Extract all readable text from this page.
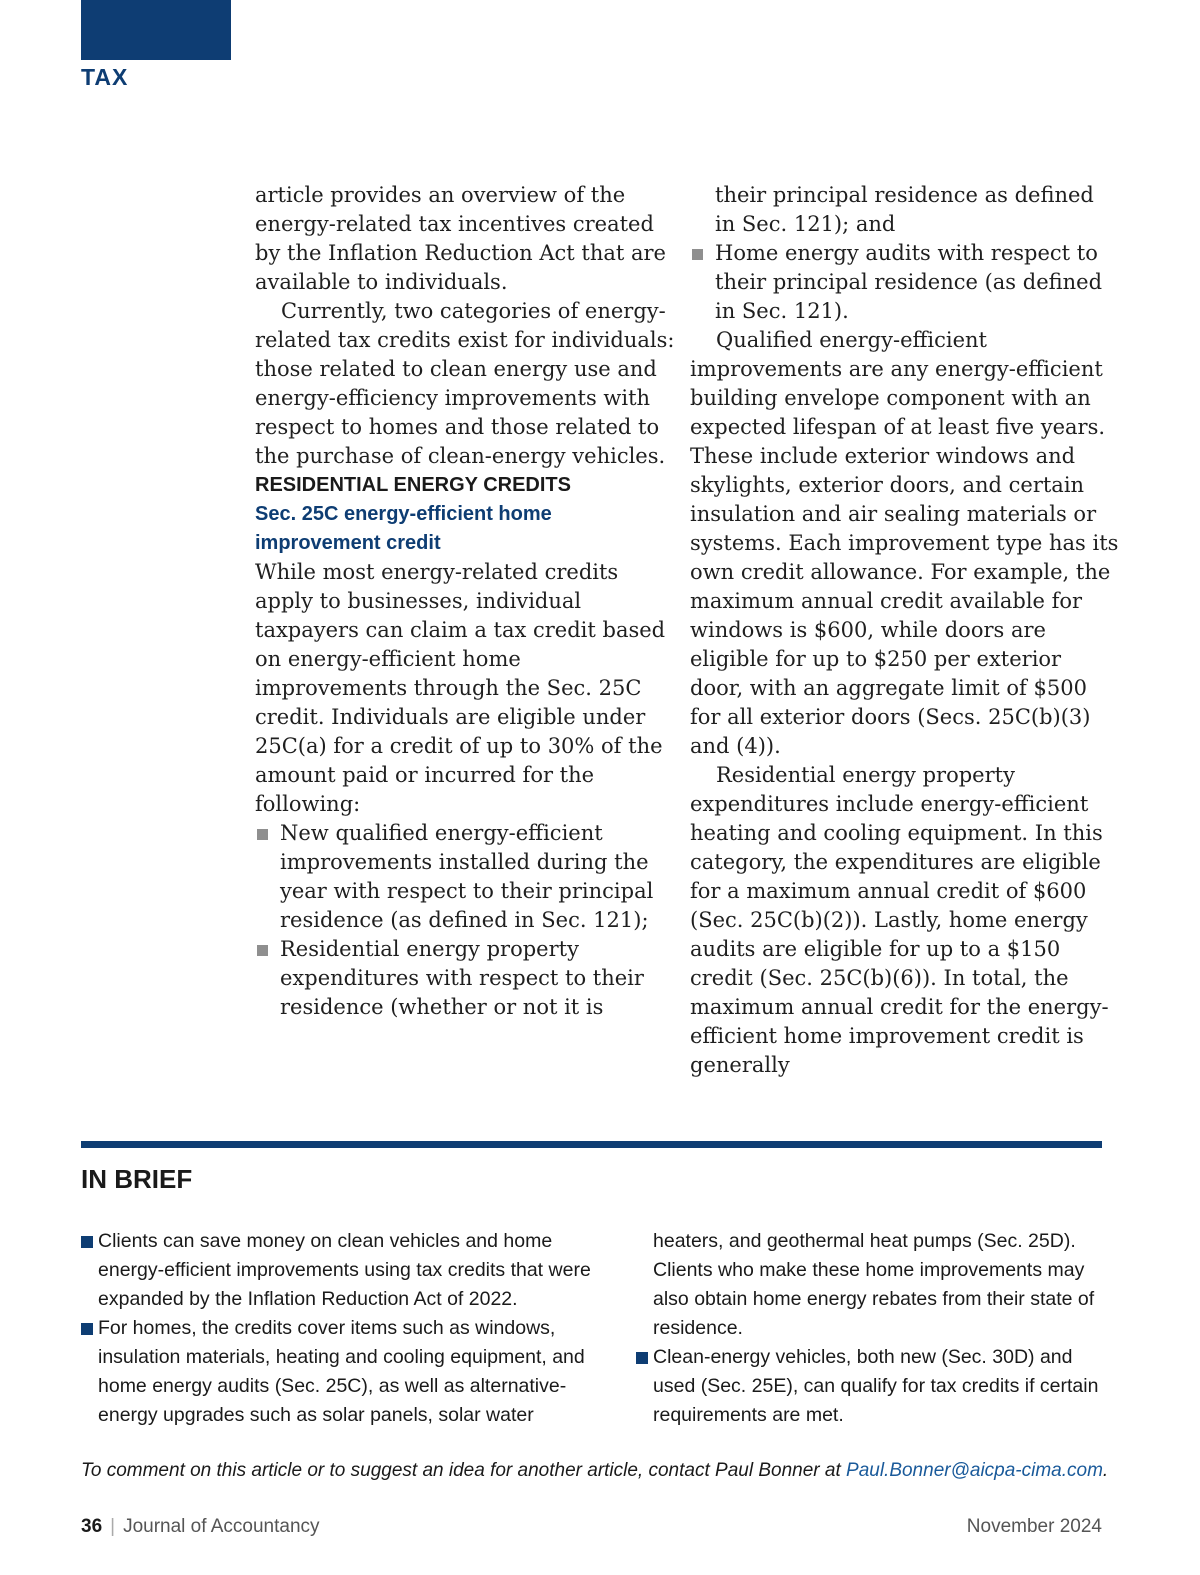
TAX

article provides an overview of the energy-related tax incentives created by the Inflation Reduction Act that are available to individuals.

Currently, two categories of energy-related tax credits exist for individuals: those related to clean energy use and energy-efficiency improvements with respect to homes and those related to the purchase of clean-energy vehicles.

RESIDENTIAL ENERGY CREDITS

Sec. 25C energy-efficient home improvement credit

While most energy-related credits apply to businesses, individual taxpayers can claim a tax credit based on energy-efficient home improvements through the Sec. 25C credit. Individuals are eligible under 25C(a) for a credit of up to 30% of the amount paid or incurred for the following:

New qualified energy-efficient improvements installed during the year with respect to their principal residence (as defined in Sec. 121);
Residential energy property expenditures with respect to their residence (whether or not it is

their principal residence as defined in Sec. 121); and

Home energy audits with respect to their principal residence (as defined in Sec. 121).

Qualified energy-efficient improvements are any energy-efficient building envelope component with an expected lifespan of at least five years. These include exterior windows and skylights, exterior doors, and certain insulation and air sealing materials or systems. Each improvement type has its own credit allowance. For example, the maximum annual credit available for windows is $600, while doors are eligible for up to $250 per exterior door, with an aggregate limit of $500 for all exterior doors (Secs. 25C(b)(3) and (4)).

Residential energy property expenditures include energy-efficient heating and cooling equipment. In this category, the expenditures are eligible for a maximum annual credit of $600 (Sec. 25C(b)(2)). Lastly, home energy audits are eligible for up to a $150 credit (Sec. 25C(b)(6)). In total, the maximum annual credit for the energy-efficient home improvement credit is generally

IN BRIEF
Clients can save money on clean vehicles and home energy-efficient improvements using tax credits that were expanded by the Inflation Reduction Act of 2022.
For homes, the credits cover items such as windows, insulation materials, heating and cooling equipment, and home energy audits (Sec. 25C), as well as alternative-energy upgrades such as solar panels, solar water

heaters, and geothermal heat pumps (Sec. 25D). Clients who make these home improvements may also obtain home energy rebates from their state of residence.

Clean-energy vehicles, both new (Sec. 30D) and used (Sec. 25E), can qualify for tax credits if certain requirements are met.
To comment on this article or to suggest an idea for another article, contact Paul Bonner at Paul.Bonner@aicpa-cima.com.
36 | Journal of Accountancy	November 2024
